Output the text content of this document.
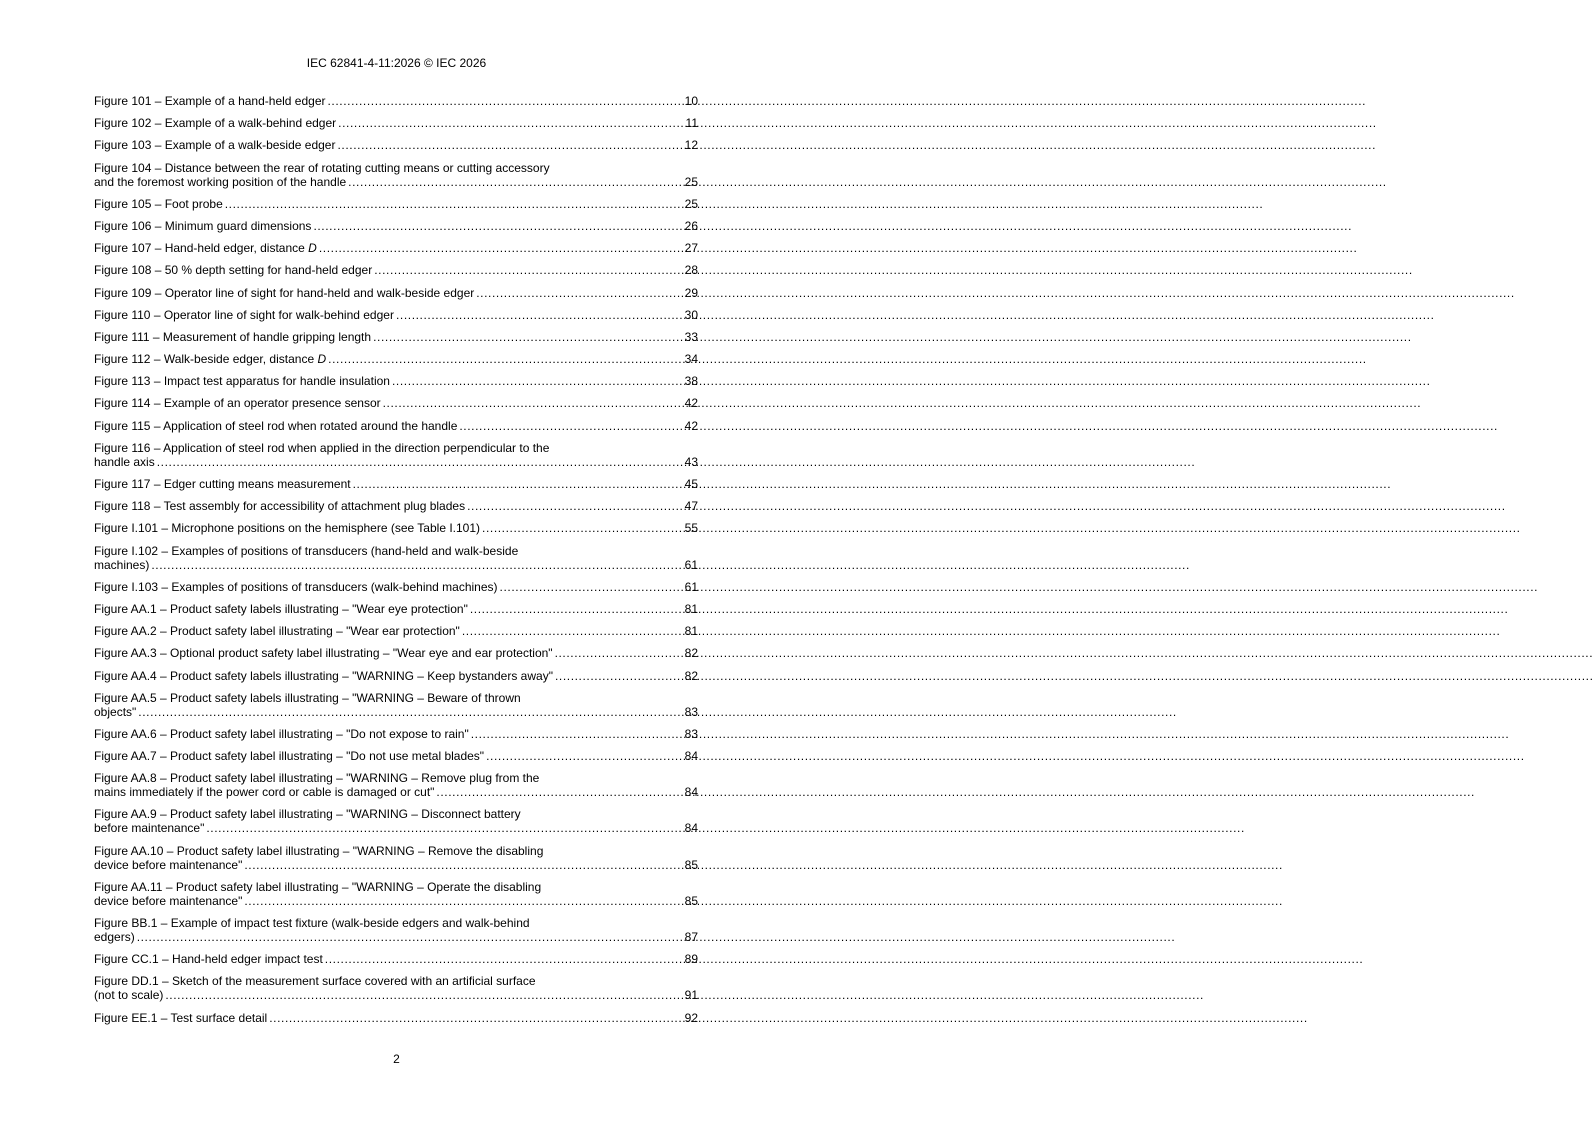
IEC 62841-4-11:2026 © IEC 2026
Figure 101 – Example of a hand-held edger .....	10
Figure 102 – Example of a walk-behind edger .....	11
Figure 103 – Example of a walk-beside edger .....	12
Figure 104 – Distance between the rear of rotating cutting means or cutting accessory
and the foremost working position of the handle .....	25
Figure 105 – Foot probe .....	25
Figure 106 – Minimum guard dimensions .....	26
Figure 107 – Hand-held edger, distance D .....	27
Figure 108 – 50 % depth setting for hand-held edger .....	28
Figure 109 – Operator line of sight for hand-held and walk-beside edger .....	29
Figure 110 – Operator line of sight for walk-behind edger .....	30
Figure 111 – Measurement of handle gripping length .....	33
Figure 112 – Walk-beside edger, distance D .....	34
Figure 113 – Impact test apparatus for handle insulation .....	38
Figure 114 – Example of an operator presence sensor .....	42
Figure 115 – Application of steel rod when rotated around the handle .....	42
Figure 116 – Application of steel rod when applied in the direction perpendicular to the
handle axis .....	43
Figure 117 – Edger cutting means measurement .....	45
Figure 118 – Test assembly for accessibility of attachment plug blades .....	47
Figure I.101 – Microphone positions on the hemisphere (see Table I.101) .....	55
Figure I.102 – Examples of positions of transducers (hand-held and walk-beside
machines) .....	61
Figure I.103 – Examples of positions of transducers (walk-behind machines) .....	61
Figure AA.1 – Product safety labels illustrating – "Wear eye protection" .....	81
Figure AA.2 – Product safety label illustrating – "Wear ear protection" .....	81
Figure AA.3 – Optional product safety label illustrating – "Wear eye and ear protection" .....	82
Figure AA.4 – Product safety labels illustrating – "WARNING – Keep bystanders away" .....	82
Figure AA.5 – Product safety labels illustrating – "WARNING – Beware of thrown
objects" .....	83
Figure AA.6 – Product safety label illustrating – "Do not expose to rain" .....	83
Figure AA.7 – Product safety label illustrating – "Do not use metal blades" .....	84
Figure AA.8 – Product safety label illustrating – "WARNING – Remove plug from the
mains immediately if the power cord or cable is damaged or cut" .....	84
Figure AA.9 – Product safety label illustrating – "WARNING – Disconnect battery
before maintenance" .....	84
Figure AA.10 – Product safety label illustrating – "WARNING – Remove the disabling
device before maintenance" .....	85
Figure AA.11 – Product safety label illustrating – "WARNING – Operate the disabling
device before maintenance" .....	85
Figure BB.1 – Example of impact test fixture (walk-beside edgers and walk-behind
edgers) .....	87
Figure CC.1 – Hand-held edger impact test .....	89
Figure DD.1 – Sketch of the measurement surface covered with an artificial surface
(not to scale) .....	91
Figure EE.1 – Test surface detail .....	92
2
